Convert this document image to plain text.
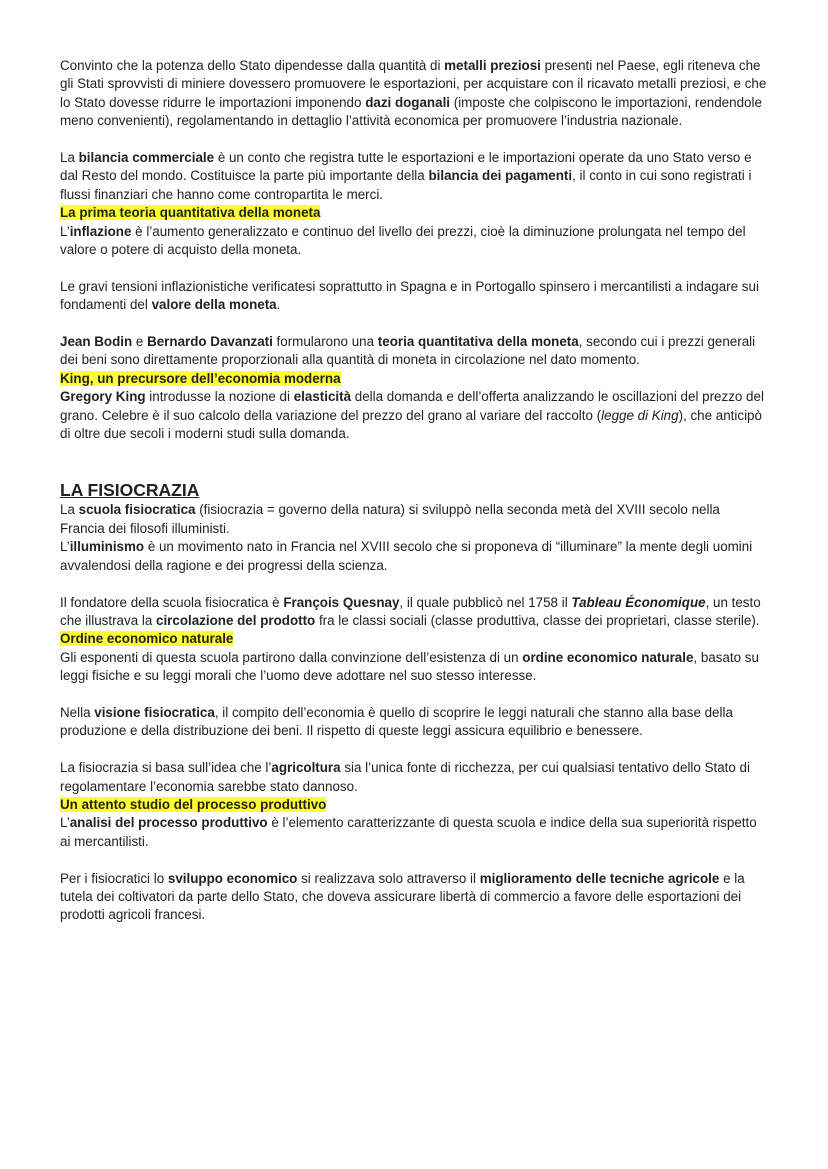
Convinto che la potenza dello Stato dipendesse dalla quantità di metalli preziosi presenti nel Paese, egli riteneva che gli Stati sprovvisti di miniere dovessero promuovere le esportazioni, per acquistare con il ricavato metalli preziosi, e che lo Stato dovesse ridurre le importazioni imponendo dazi doganali (imposte che colpiscono le importazioni, rendendole meno convenienti), regolamentando in dettaglio l’attività economica per promuovere l’industria nazionale.

La bilancia commerciale è un conto che registra tutte le esportazioni e le importazioni operate da uno Stato verso e dal Resto del mondo. Costituisce la parte più importante della bilancia dei pagamenti, il conto in cui sono registrati i flussi finanziari che hanno come contropartita le merci.

La prima teoria quantitativa della moneta

L’inflazione è l’aumento generalizzato e continuo del livello dei prezzi, cioè la diminuzione prolungata nel tempo del valore o potere di acquisto della moneta.

Le gravi tensioni inflazionistiche verificatesi soprattutto in Spagna e in Portogallo spinsero i mercantilisti a indagare sui fondamenti del valore della moneta.

Jean Bodin e Bernardo Davanzati formularono una teoria quantitativa della moneta, secondo cui i prezzi generali dei beni sono direttamente proporzionali alla quantità di moneta in circolazione nel dato momento.

King, un precursore dell’economia moderna

Gregory King introdusse la nozione di elasticità della domanda e dell’offerta analizzando le oscillazioni del prezzo del grano. Celebre è il suo calcolo della variazione del prezzo del grano al variare del raccolto (legge di King), che anticipò di oltre due secoli i moderni studi sulla domanda.

LA FISIOCRAZIA

La scuola fisiocratica (fisiocrazia = governo della natura) si sviluppò nella seconda metà del XVIII secolo nella Francia dei filosofi illuministi.

L’illuminismo è un movimento nato in Francia nel XVIII secolo che si proponeva di “illuminare” la mente degli uomini avvalendosi della ragione e dei progressi della scienza.

Il fondatore della scuola fisiocratica è François Quesnay, il quale pubblicò nel 1758 il Tableau Économique, un testo che illustrava la circolazione del prodotto fra le classi sociali (classe produttiva, classe dei proprietari, classe sterile).

Ordine economico naturale

Gli esponenti di questa scuola partirono dalla convinzione dell’esistenza di un ordine economico naturale, basato su leggi fisiche e su leggi morali che l’uomo deve adottare nel suo stesso interesse.

Nella visione fisiocratica, il compito dell’economia è quello di scoprire le leggi naturali che stanno alla base della produzione e della distribuzione dei beni. Il rispetto di queste leggi assicura equilibrio e benessere.

La fisiocrazia si basa sull’idea che l’agricoltura sia l’unica fonte di ricchezza, per cui qualsiasi tentativo dello Stato di regolamentare l’economia sarebbe stato dannoso.

Un attento studio del processo produttivo

L’analisi del processo produttivo è l’elemento caratterizzante di questa scuola e indice della sua superiorità rispetto ai mercantilisti.

Per i fisiocratici lo sviluppo economico si realizzava solo attraverso il miglioramento delle tecniche agricole e la tutela dei coltivatori da parte dello Stato, che doveva assicurare libertà di commercio a favore delle esportazioni dei prodotti agricoli francesi.
